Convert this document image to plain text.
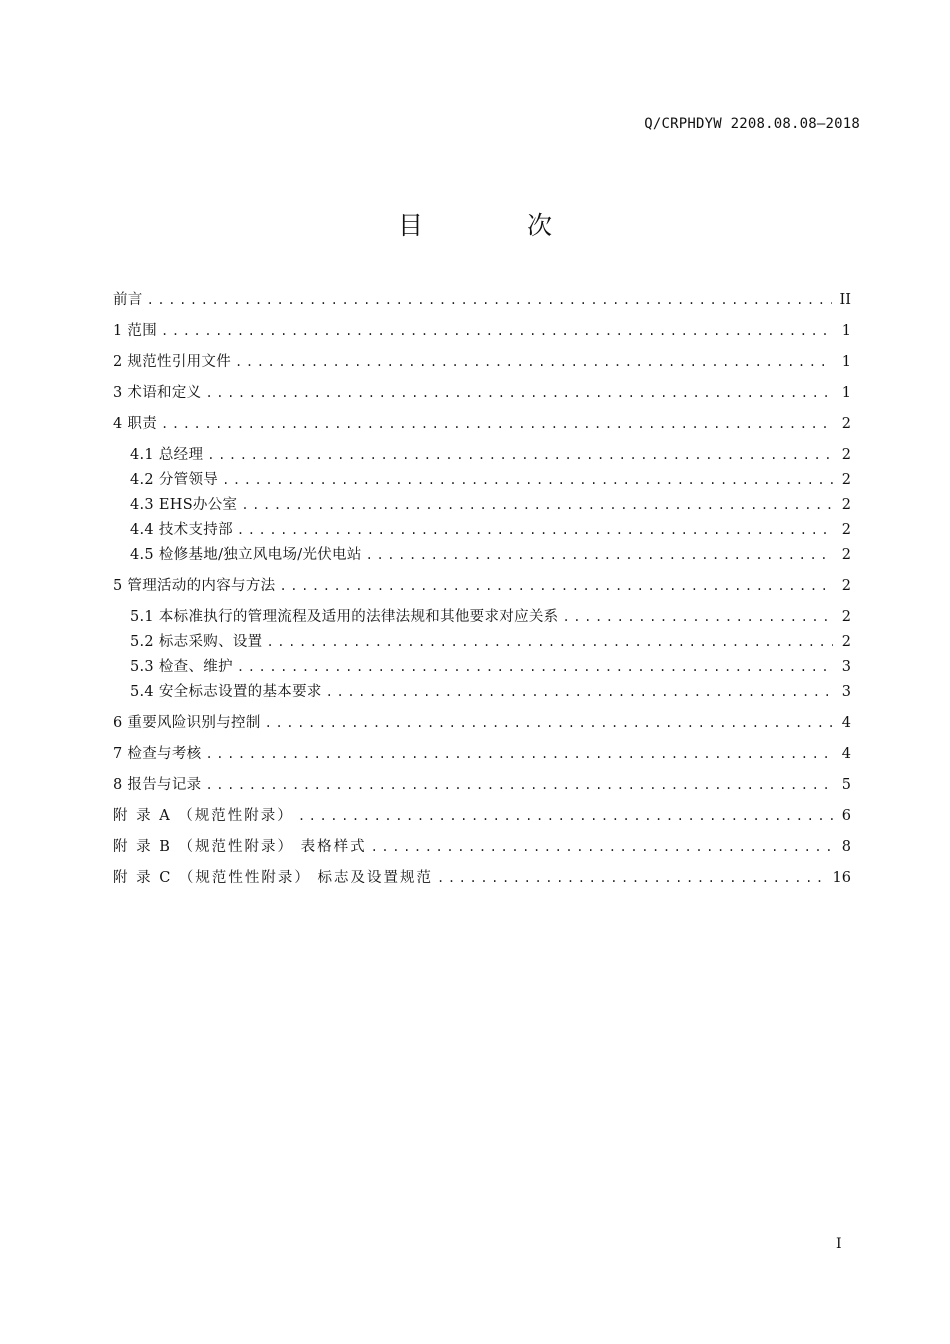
Q/CRPHDYW 2208.08.08—2018
目 次
前言 .....	II
1 范围 .....	1
2 规范性引用文件 .....	1
3 术语和定义 .....	1
4 职责 .....	2
4.1 总经理 .....	2
4.2 分管领导 .....	2
4.3 EHS办公室 .....	2
4.4 技术支持部 .....	2
4.5 检修基地/独立风电场/光伏电站 .....	2
5 管理活动的内容与方法 .....	2
5.1 本标准执行的管理流程及适用的法律法规和其他要求对应关系 .....	2
5.2 标志采购、设置 .....	2
5.3 检查、维护 .....	3
5.4 安全标志设置的基本要求 .....	3
6 重要风险识别与控制 .....	4
7 检查与考核 .....	4
8 报告与记录 .....	5
附 录 A （规范性附录） .....	6
附 录 B （规范性附录） 表格样式 .....	8
附 录 C （规范性性附录） 标志及设置规范 .....	16
I
